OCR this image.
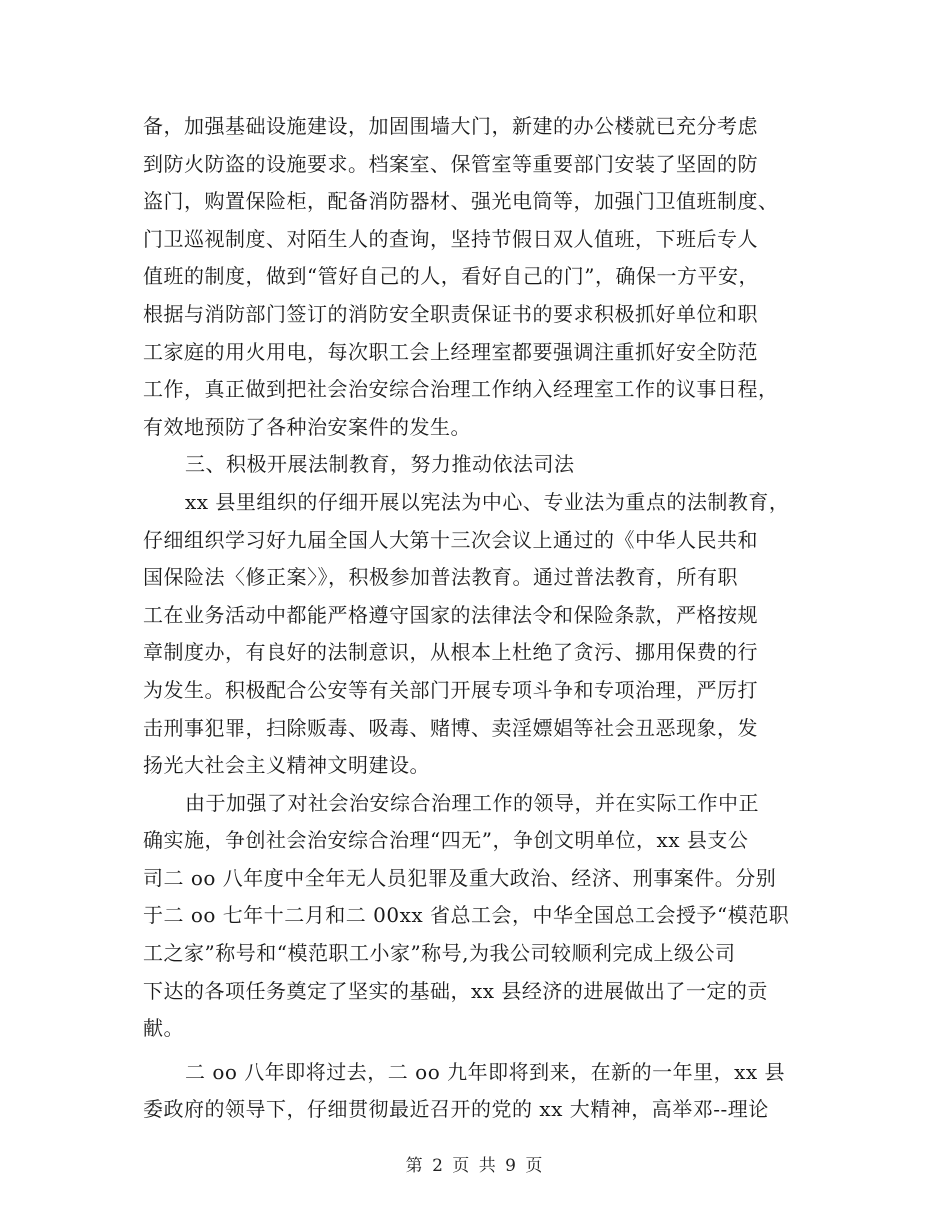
备，加强基础设施建设，加固围墙大门，新建的办公楼就已充分考虑
到防火防盗的设施要求。档案室、保管室等重要部门安装了坚固的防
盗门，购置保险柜，配备消防器材、强光电筒等，加强门卫值班制度、
门卫巡视制度、对陌生人的查询，坚持节假日双人值班，下班后专人
值班的制度，做到“管好自己的人，看好自己的门”，确保一方平安，
根据与消防部门签订的消防安全职责保证书的要求积极抓好单位和职
工家庭的用火用电，每次职工会上经理室都要强调注重抓好安全防范
工作，真正做到把社会治安综合治理工作纳入经理室工作的议事日程，
有效地预防了各种治安案件的发生。
三、积极开展法制教育，努力推动依法司法
xx 县里组织的仔细开展以宪法为中心、专业法为重点的法制教育，
仔细组织学习好九届全国人大第十三次会议上通过的《中华人民共和
国保险法〈修正案〉》，积极参加普法教育。通过普法教育，所有职
工在业务活动中都能严格遵守国家的法律法令和保险条款，严格按规
章制度办，有良好的法制意识，从根本上杜绝了贪污、挪用保费的行
为发生。积极配合公安等有关部门开展专项斗争和专项治理，严厉打
击刑事犯罪，扫除贩毒、吸毒、赌博、卖淫嫖娼等社会丑恶现象，发
扬光大社会主义精神文明建设。
由于加强了对社会治安综合治理工作的领导，并在实际工作中正
确实施，争创社会治安综合治理“四无”，争创文明单位，xx 县支公
司二 oo 八年度中全年无人员犯罪及重大政治、经济、刑事案件。分别
于二 oo 七年十二月和二 00xx 省总工会，中华全国总工会授予“模范职
工之家”称号和“模范职工小家”称号,为我公司较顺利完成上级公司
下达的各项任务奠定了坚实的基础，xx 县经济的进展做出了一定的贡
献。
二 oo 八年即将过去，二 oo 九年即将到来，在新的一年里，xx 县
委政府的领导下，仔细贯彻最近召开的党的 xx 大精神，高举邓--理论
第 2 页 共 9 页
